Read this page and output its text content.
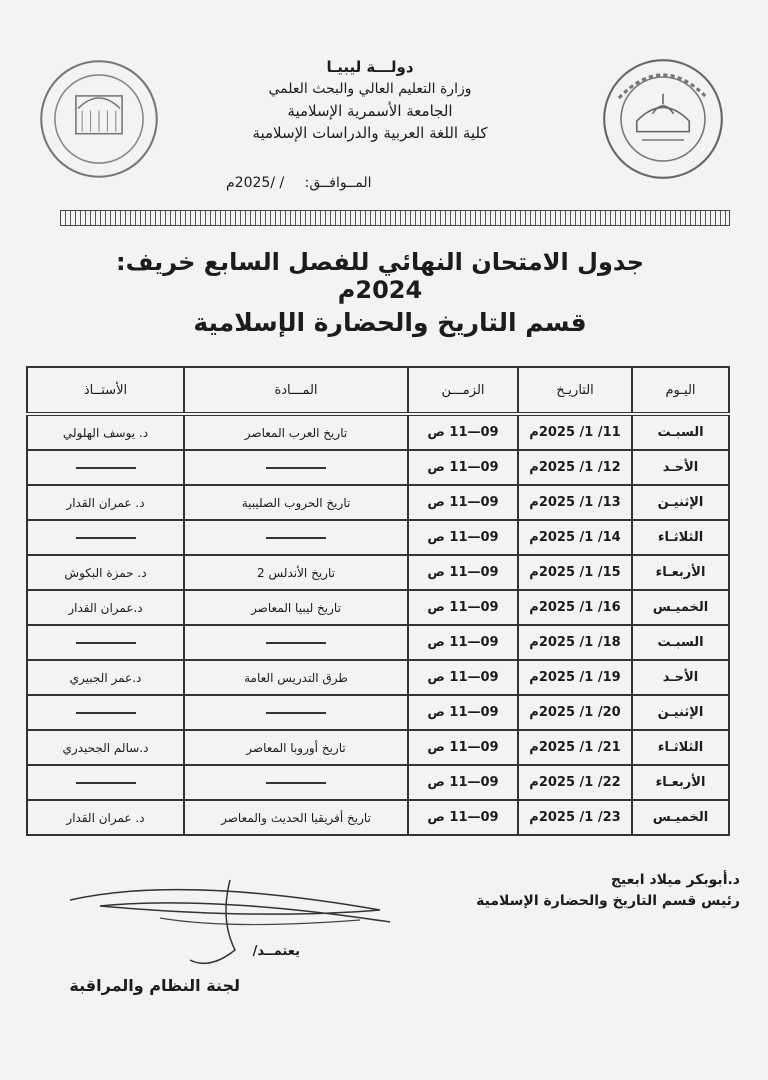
دولـــة ليبيـا
وزارة التعليم العالي والبحث العلمي
الجامعة الأسمرية الإسلامية
كلية اللغة العربية والدراسات الإسلامية
المــوافــق: / /2025م
جدول الامتحان النهائي للفصل السابع خريف: 2024م
قسم التاريخ والحضارة الإسلامية
اليـوم	التاريـخ	الزمـــن	المـــادة	الأستــاذ
السبـت	11/ 1/ 2025م	09—11 ص	تاريخ العرب المعاصر	د. يوسف الهلولي
الأحـد	12/ 1/ 2025م	09—11 ص		
الإثنيـن	13/ 1/ 2025م	09—11 ص	تاريخ الحروب الصليبية	د. عمران القدار
الثلاثـاء	14/ 1/ 2025م	09—11 ص		
الأربعـاء	15/ 1/ 2025م	09—11 ص	تاريخ الأندلس 2	د. حمزة البكوش
الخميـس	16/ 1/ 2025م	09—11 ص	تاريخ ليبيا المعاصر	د.عمران القدار
السبـت	18/ 1/ 2025م	09—11 ص		
الأحـد	19/ 1/ 2025م	09—11 ص	طرق التدريس العامة	د.عمر الجبيري
الإثنيـن	20/ 1/ 2025م	09—11 ص		
الثلاثـاء	21/ 1/ 2025م	09—11 ص	تاريخ أوروبا المعاصر	د.سالم الجحيدري
الأربعـاء	22/ 1/ 2025م	09—11 ص		
الخميـس	23/ 1/ 2025م	09—11 ص	تاريخ أفريقيا الحديث والمعاصر	د. عمران القدار
د.أبوبكر ميلاد ابعيج
رئيس قسم التاريخ والحضارة الإسلامية
يعتمــد/
لجنة النظام والمراقبة
